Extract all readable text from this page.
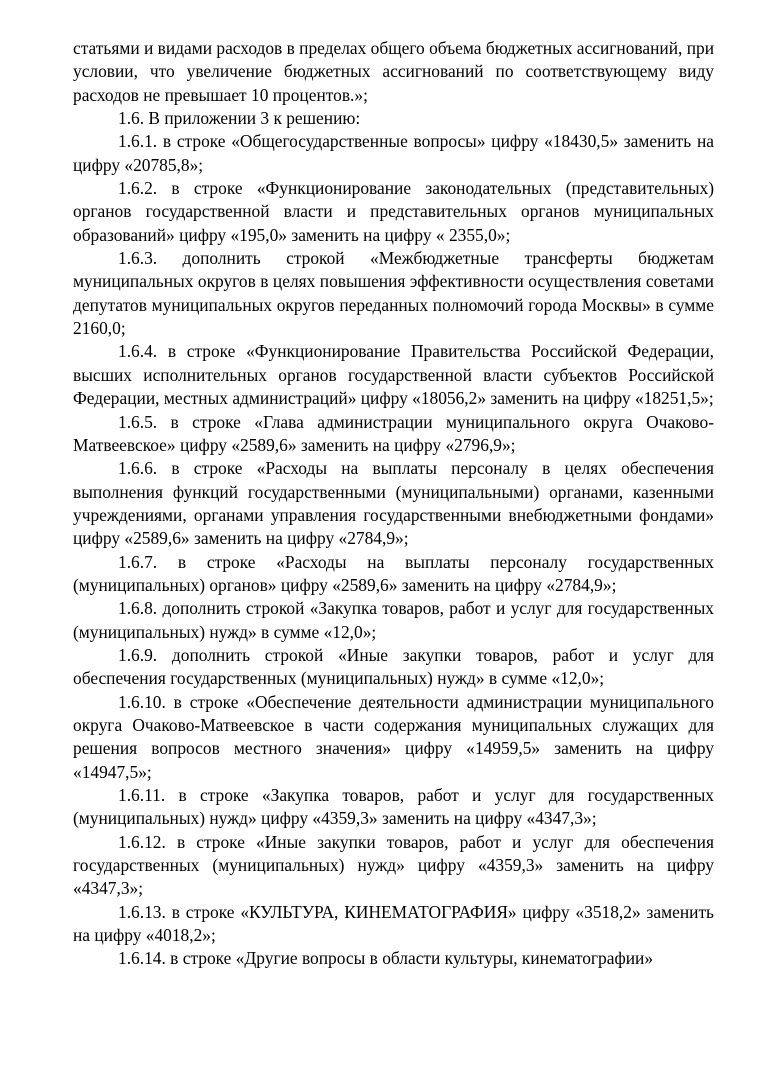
статьями и видами расходов в пределах общего объема бюджетных ассигнований, при условии, что увеличение бюджетных ассигнований по соответствующему виду расходов не превышает 10 процентов.»;

1.6. В приложении 3 к решению:

1.6.1. в строке «Общегосударственные вопросы» цифру «18430,5» заменить на цифру «20785,8»;

1.6.2. в строке «Функционирование законодательных (представительных) органов государственной власти и представительных органов муниципальных образований» цифру «195,0» заменить на цифру « 2355,0»;

1.6.3. дополнить строкой «Межбюджетные трансферты бюджетам муниципальных округов в целях повышения эффективности осуществления советами депутатов муниципальных округов переданных полномочий города Москвы» в сумме 2160,0;

1.6.4. в строке «Функционирование Правительства Российской Федерации, высших исполнительных органов государственной власти субъектов Российской Федерации, местных администраций» цифру «18056,2» заменить на цифру «18251,5»;

1.6.5. в строке «Глава администрации муниципального округа Очаково-Матвеевское» цифру «2589,6» заменить на цифру «2796,9»;

1.6.6. в строке «Расходы на выплаты персоналу в целях обеспечения выполнения функций государственными (муниципальными) органами, казенными учреждениями, органами управления государственными внебюджетными фондами» цифру «2589,6» заменить на цифру «2784,9»;

1.6.7. в строке «Расходы на выплаты персоналу государственных (муниципальных) органов» цифру «2589,6» заменить на цифру «2784,9»;

1.6.8. дополнить строкой «Закупка товаров, работ и услуг для государственных (муниципальных) нужд» в сумме «12,0»;

1.6.9. дополнить строкой «Иные закупки товаров, работ и услуг для обеспечения государственных (муниципальных) нужд» в сумме «12,0»;

1.6.10. в строке «Обеспечение деятельности администрации муниципального округа Очаково-Матвеевское в части содержания муниципальных служащих для решения вопросов местного значения» цифру «14959,5» заменить на цифру «14947,5»;

1.6.11. в строке «Закупка товаров, работ и услуг для государственных (муниципальных) нужд» цифру «4359,3» заменить на цифру «4347,3»;

1.6.12. в строке «Иные закупки товаров, работ и услуг для обеспечения государственных (муниципальных) нужд» цифру «4359,3» заменить на цифру «4347,3»;

1.6.13. в строке «КУЛЬТУРА, КИНЕМАТОГРАФИЯ» цифру «3518,2» заменить на цифру «4018,2»;

1.6.14. в строке «Другие вопросы в области культуры, кинематографии»
